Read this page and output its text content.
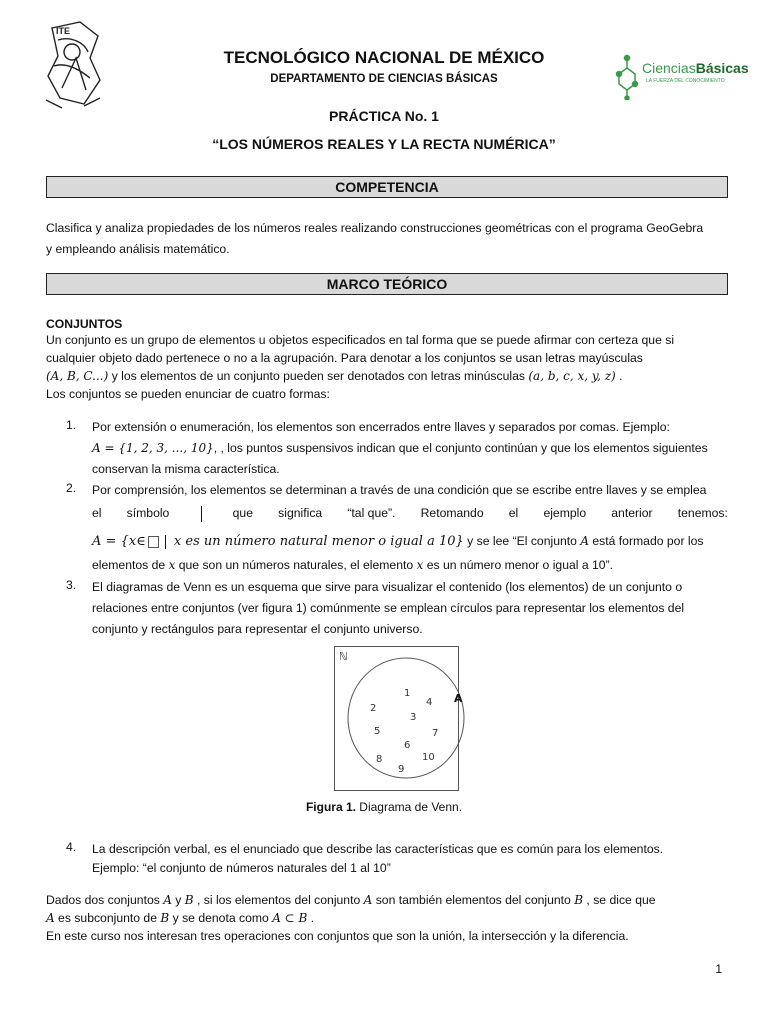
ITE
CienciasBásicas
LA FUERZA DEL CONOCIMIENTO
TECNOLÓGICO NACIONAL DE MÉXICO
DEPARTAMENTO DE CIENCIAS BÁSICAS
PRÁCTICA No. 1
“LOS NÚMEROS REALES Y LA RECTA NUMÉRICA”
COMPETENCIA
Clasifica y analiza propiedades de los números reales realizando construcciones geométricas con el programa GeoGebra
y empleando análisis matemático.
MARCO TEÓRICO
CONJUNTOS
Un conjunto es un grupo de elementos u objetos especificados en tal forma que se puede afirmar con certeza que si
cualquier objeto dado pertenece o no a la agrupación. Para denotar a los conjuntos se usan letras mayúsculas
(A, B, C...) y los elementos de un conjunto pueden ser denotados con letras minúsculas (a, b, c, x, y, z) .
Los conjuntos se pueden enunciar de cuatro formas:
1. Por extensión o enumeración, los elementos son encerrados entre llaves y separados por comas. Ejemplo:
A = {1, 2, 3, ..., 10}, , los puntos suspensivos indican que el conjunto continúan y que los elementos siguientes
conservan la misma característica.
2. Por comprensión, los elementos se determinan a través de una condición que se escribe entre llaves y se emplea
el símbolo	que significa “tal que”. Retomando el ejemplo anterior tenemos:
A = {x∈ x es un número natural menor o igual a 10} y se lee “El conjunto A está formado por los
elementos de x que son un números naturales, el elemento x es un número menor o igual a 10”.
3. El diagramas de Venn es un esquema que sirve para visualizar el contenido (los elementos) de un conjunto o
relaciones entre conjuntos (ver figura 1) comúnmente se emplean círculos para representar los elementos del
conjunto y rectángulos para representar el conjunto universo.
ℕ
A
1
2
3
4
5
6
7
8
9
10
Figura 1. Diagrama de Venn.
4. La descripción verbal, es el enunciado que describe las características que es común para los elementos.
Ejemplo: “el conjunto de números naturales del 1 al 10”
Dados dos conjuntos A y B , si los elementos del conjunto A son también elementos del conjunto B , se dice que
A es subconjunto de B y se denota como A ⊂ B .
En este curso nos interesan tres operaciones con conjuntos que son la unión, la intersección y la diferencia.
1
